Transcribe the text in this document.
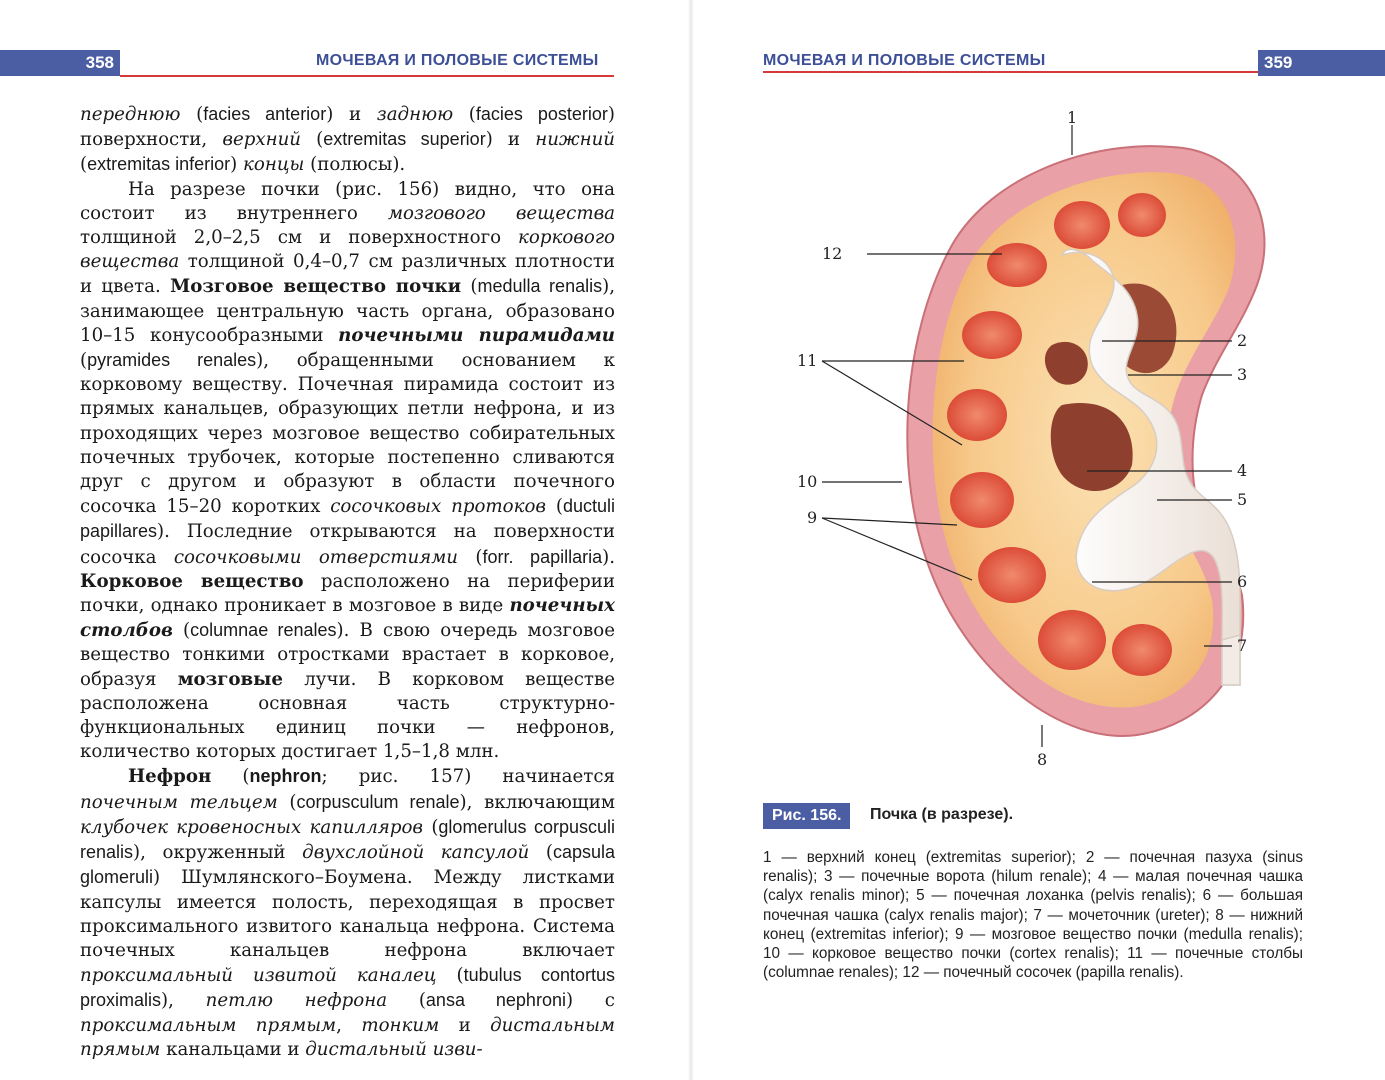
358	МОЧЕВАЯ И ПОЛОВЫЕ СИСТЕМЫ

переднюю (facies anterior) и заднюю (facies posterior) поверхности, верхний (extremitas superior) и нижний (extremitas inferior) концы (полюсы).

На разрезе почки (рис. 156) видно, что она состоит из внутреннего мозгового вещества толщиной 2,0–2,5 см и поверхностного коркового вещества толщиной 0,4–0,7 см различных плотности и цвета. Мозговое вещество почки (medulla renalis), занимающее центральную часть органа, образовано 10–15 конусообразными почечными пирамидами (pyramides renales), обращенными основанием к корковому веществу. Почечная пирамида состоит из прямых канальцев, образующих петли нефрона, и из проходящих через мозговое вещество собирательных почечных трубочек, которые постепенно сливаются друг с другом и образуют в области почечного сосочка 15–20 коротких сосочковых протоков (ductuli papillares). Последние открываются на поверхности сосочка сосочковыми отверстиями (forr. papillaria). Корковое вещество расположено на периферии почки, однако проникает в мозговое в виде почечных столбов (columnae renales). В свою очередь мозговое вещество тонкими отростками врастает в корковое, образуя мозговые лучи. В корковом веществе расположена основная часть структурно-функциональных единиц почки — нефронов, количество которых достигает 1,5–1,8 млн.

Нефрон (nephron; рис. 157) начинается почечным тельцем (corpusculum renale), включающим клубочек кровеносных капилляров (glomerulus corpusculi renalis), окруженный двухслойной капсулой (capsula glomeruli) Шумлянского–Боумена. Между листками капсулы имеется полость, переходящая в просвет проксимального извитого канальца нефрона. Система почечных канальцев нефрона включает проксимальный извитой каналец (tubulus contortus proximalis), петлю нефрона (ansa nephroni) с проксимальным прямым, тонким и дистальным прямым канальцами и дистальный изви-

МОЧЕВАЯ И ПОЛОВЫЕ СИСТЕМЫ	359
1
2
3
4
5
6
7
8
9
10
11
12
Рис. 156.	Почка (в разрезе).
1 — верхний конец (extremitas superior); 2 — почечная пазуха (sinus renalis); 3 — почечные ворота (hilum renale); 4 — малая почечная чашка (calyx renalis minor); 5 — почечная лоханка (pelvis renalis); 6 — большая почечная чашка (calyx renalis major); 7 — мочеточник (ureter); 8 — нижний конец (extremitas inferior); 9 — мозговое вещество почки (medulla renalis); 10 — корковое вещество почки (cortex renalis); 11 — почечные столбы (columnae renales); 12 — почечный сосочек (papilla renalis).
